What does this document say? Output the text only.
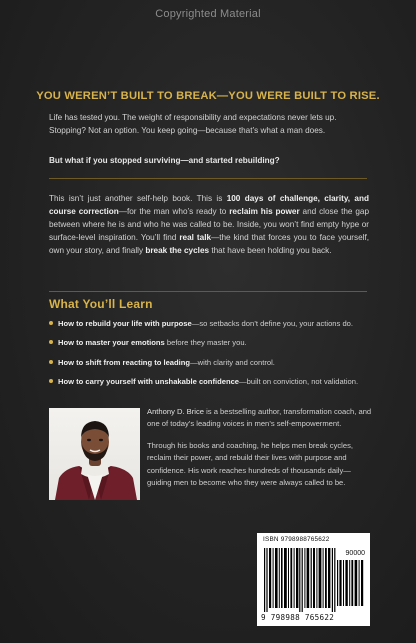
Copyrighted Material
YOU WEREN’T BUILT TO BREAK—YOU WERE BUILT TO RISE.

Life has tested you. The weight of responsibility and expectations never lets up. Stopping? Not an option. You keep going—because that’s what a man does.

But what if you stopped surviving—and started rebuilding?

This isn’t just another self-help book. This is 100 days of challenge, clarity, and course correction—for the man who’s ready to reclaim his power and close the gap between where he is and who he was called to be. Inside, you won’t find empty hype or surface-level inspiration. You’ll find real talk—the kind that forces you to face yourself, own your story, and finally break the cycles that have been holding you back.

What You’ll Learn
How to rebuild your life with purpose—so setbacks don’t define you, your actions do.
How to master your emotions before they master you.
How to shift from reacting to leading—with clarity and control.
How to carry yourself with unshakable confidence—built on conviction, not validation.

Anthony D. Brice is a bestselling author, transformation coach, and one of today’s leading voices in men’s self-empowerment.

Through his books and coaching, he helps men break cycles, reclaim their power, and rebuild their lives with purpose and confidence. His work reaches hundreds of thousands daily—guiding men to become who they were always called to be.

ISBN 9798988765622
90000
9 798988 765622
